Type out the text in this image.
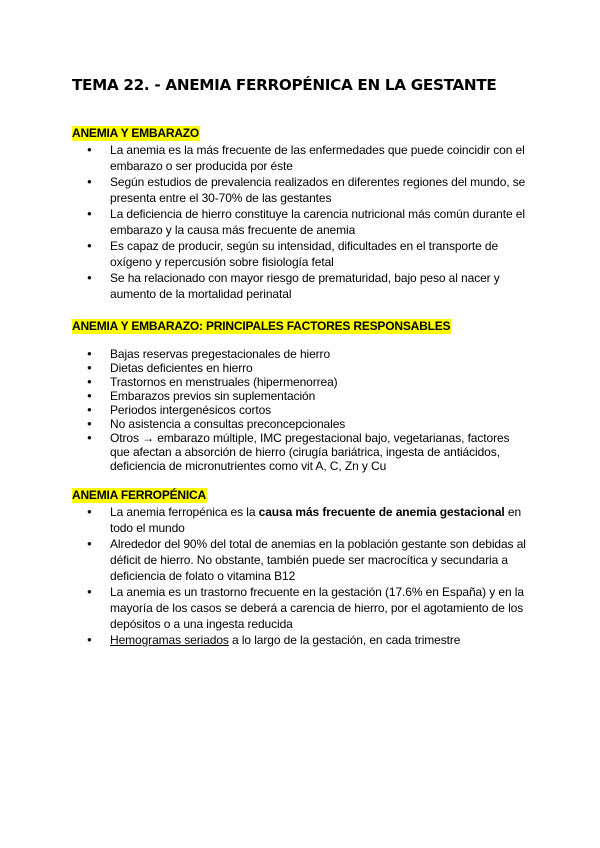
TEMA 22. - ANEMIA FERROPÉNICA EN LA GESTANTE
ANEMIA Y EMBARAZO
● La anemia es la más frecuente de las enfermedades que puede coincidir con el embarazo o ser producida por éste
● Según estudios de prevalencia realizados en diferentes regiones del mundo, se presenta entre el 30-70% de las gestantes
● La deficiencia de hierro constituye la carencia nutricional más común durante el embarazo y la causa más frecuente de anemia
● Es capaz de producir, según su intensidad, dificultades en el transporte de oxígeno y repercusión sobre fisiología fetal
● Se ha relacionado con mayor riesgo de prematuridad, bajo peso al nacer y aumento de la mortalidad perinatal
ANEMIA Y EMBARAZO: PRINCIPALES FACTORES RESPONSABLES
● Bajas reservas pregestacionales de hierro
● Dietas deficientes en hierro
● Trastornos en menstruales (hipermenorrea)
● Embarazos previos sin suplementación
● Periodos intergenésicos cortos
● No asistencia a consultas preconcepcionales
● Otros → embarazo múltiple, IMC pregestacional bajo, vegetarianas, factores que afectan a absorción de hierro (cirugía bariátrica, ingesta de antiácidos, deficiencia de micronutrientes como vit A, C, Zn y Cu
ANEMIA FERROPÉNICA
● La anemia ferropénica es la causa más frecuente de anemia gestacional en todo el mundo
● Alrededor del 90% del total de anemias en la población gestante son debidas al déficit de hierro. No obstante, también puede ser macrocítica y secundaria a deficiencia de folato o vitamina B12
● La anemia es un trastorno frecuente en la gestación (17.6% en España) y en la mayoría de los casos se deberá a carencia de hierro, por el agotamiento de los depósitos o a una ingesta reducida
● Hemogramas seriados a lo largo de la gestación, en cada trimestre
